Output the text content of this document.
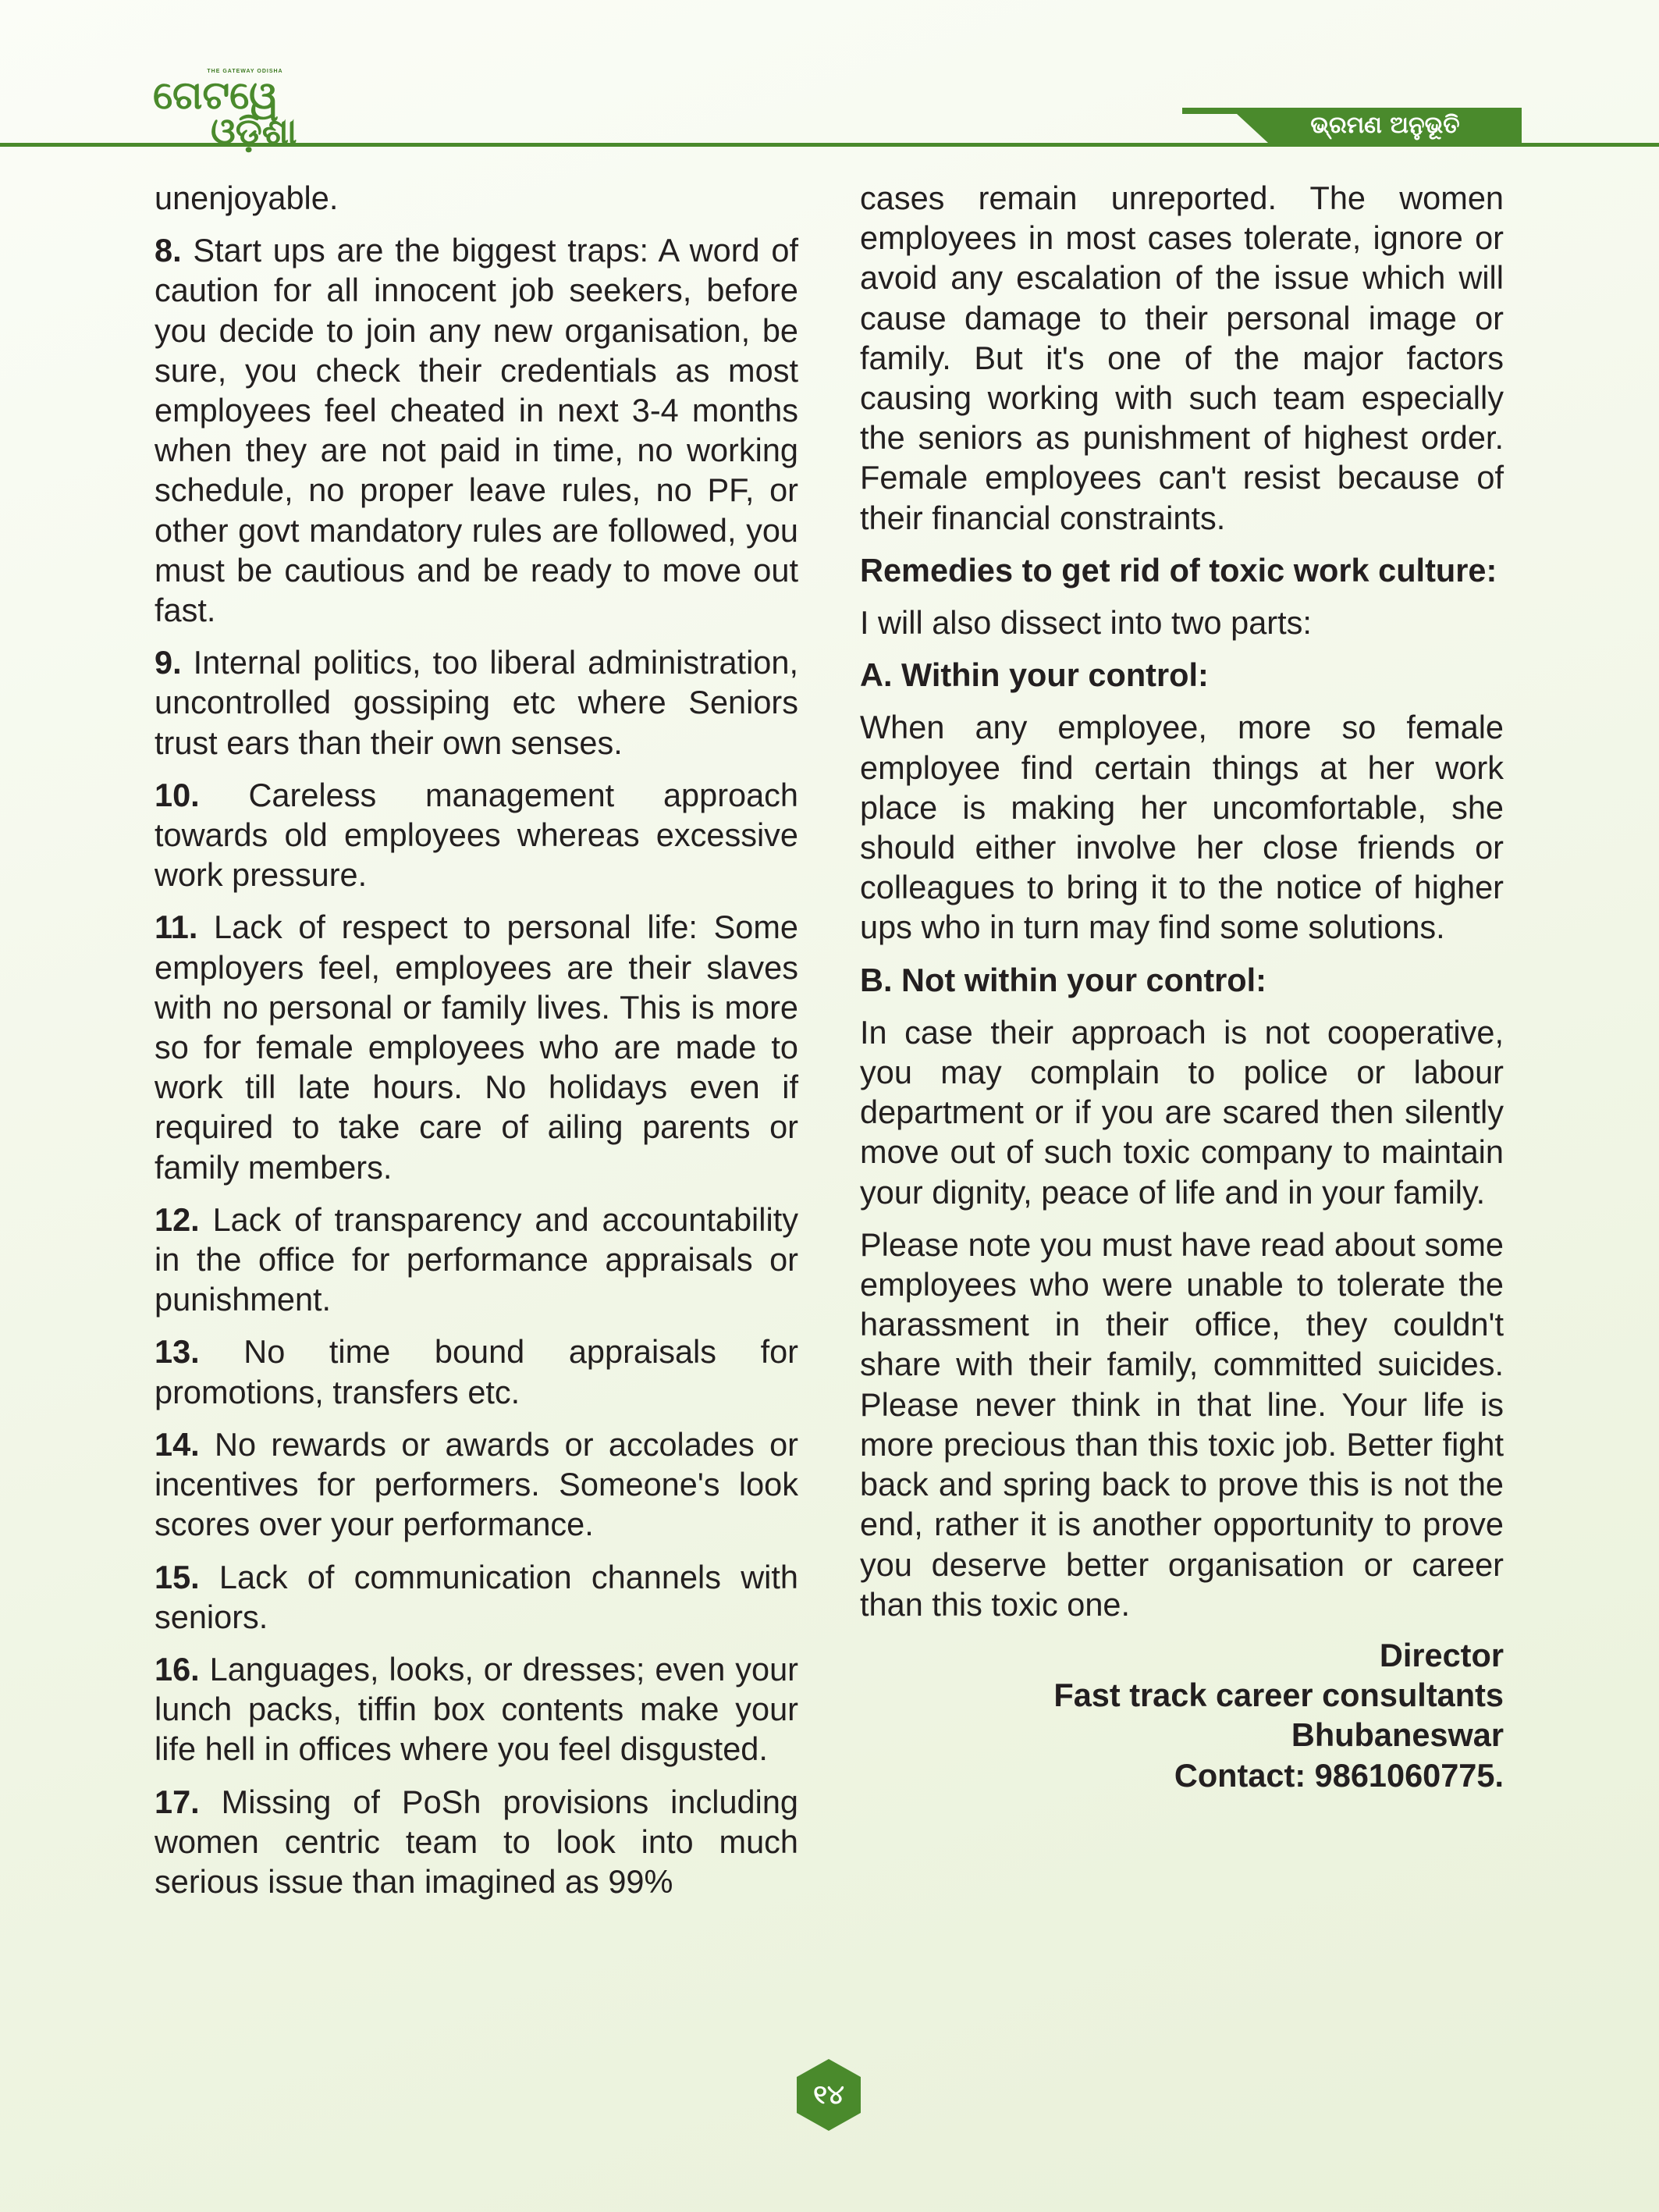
THE GATEWAY ODISHA
ଗେଟୱେ
ଓଡ଼ିଶା	ଭ୍ରମଣ ଅନୁଭୂତି

unenjoyable.

8. Start ups are the biggest traps: A word of caution for all innocent job seekers, before you decide to join any new organisation, be sure, you check their credentials as most employees feel cheated in next 3-4 months when they are not paid in time, no working schedule, no proper leave rules, no PF, or other govt mandatory rules are followed, you must be cautious and be ready to move out fast.

9. Internal politics, too liberal administration, uncontrolled gossiping etc where Seniors trust ears than their own senses.

10. Careless management approach towards old employees whereas excessive work pressure.

11. Lack of respect to personal life: Some employers feel, employees are their slaves with no personal or family lives. This is more so for female employees who are made to work till late hours. No holidays even if required to take care of ailing parents or family members.

12. Lack of transparency and accountability in the office for performance appraisals or punishment.

13. No time bound appraisals for promotions, transfers etc.

14. No rewards or awards or accolades or incentives for performers. Someone's look scores over your performance.

15. Lack of communication channels with seniors.

16. Languages, looks, or dresses; even your lunch packs, tiffin box contents make your life hell in offices where you feel disgusted.

17. Missing of PoSh provisions including women centric team to look into much serious issue than imagined as 99%

cases remain unreported. The women employees in most cases tolerate, ignore or avoid any escalation of the issue which will cause damage to their personal image or family. But it's one of the major factors causing working with such team especially the seniors as punishment of highest order. Female employees can't resist because of their financial constraints.

Remedies to get rid of toxic work culture:

I will also dissect into two parts:

A. Within your control:

When any employee, more so female employee find certain things at her work place is making her uncomfortable, she should either involve her close friends or colleagues to bring it to the notice of higher ups who in turn may find some solutions.

B. Not within your control:

In case their approach is not cooperative, you may complain to police or labour department or if you are scared then silently move out of such toxic company to maintain your dignity, peace of life and in your family.

Please note you must have read about some employees who were unable to tolerate the harassment in their office, they couldn't share with their family, committed suicides. Please never think in that line. Your life is more precious than this toxic job. Better fight back and spring back to prove this is not the end, rather it is another opportunity to prove you deserve better organisation or career than this toxic one.

Director
Fast track career consultants
Bhubaneswar
Contact: 9861060775.
୧୪
